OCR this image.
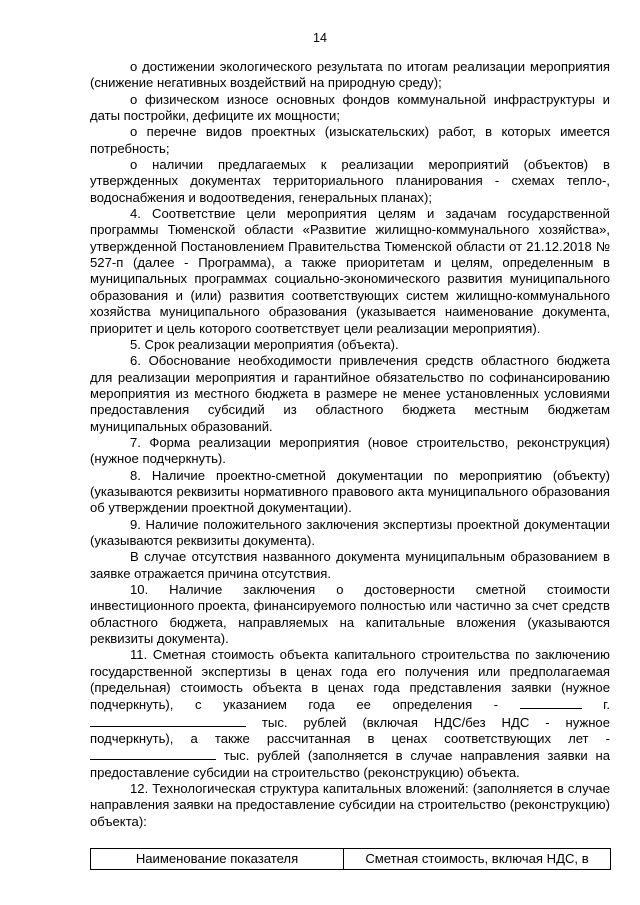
14

о достижении экологического результата по итогам реализации мероприятия (снижение негативных воздействий на природную среду);

о физическом износе основных фондов коммунальной инфраструктуры и даты постройки, дефиците их мощности;

о перечне видов проектных (изыскательских) работ, в которых имеется потребность;

о наличии предлагаемых к реализации мероприятий (объектов) в утвержденных документах территориального планирования - схемах тепло-, водоснабжения и водоотведения, генеральных планах);

4. Соответствие цели мероприятия целям и задачам государственной программы Тюменской области «Развитие жилищно-коммунального хозяйства», утвержденной Постановлением Правительства Тюменской области от 21.12.2018 № 527-п (далее - Программа), а также приоритетам и целям, определенным в муниципальных программах социально-экономического развития муниципального образования и (или) развития соответствующих систем жилищно-коммунального хозяйства муниципального образования (указывается наименование документа, приоритет и цель которого соответствует цели реализации мероприятия).

5. Срок реализации мероприятия (объекта).

6. Обоснование необходимости привлечения средств областного бюджета для реализации мероприятия и гарантийное обязательство по софинансированию мероприятия из местного бюджета в размере не менее установленных условиями предоставления субсидий из областного бюджета местным бюджетам муниципальных образований.

7. Форма реализации мероприятия (новое строительство, реконструкция) (нужное подчеркнуть).

8. Наличие проектно-сметной документации по мероприятию (объекту) (указываются реквизиты нормативного правового акта муниципального образования об утверждении проектной документации).

9. Наличие положительного заключения экспертизы проектной документации (указываются реквизиты документа).

В случае отсутствия названного документа муниципальным образованием в заявке отражается причина отсутствия.

10. Наличие заключения о достоверности сметной стоимости инвестиционного проекта, финансируемого полностью или частично за счет средств областного бюджета, направляемых на капитальные вложения (указываются реквизиты документа).

11. Сметная стоимость объекта капитального строительства по заключению государственной экспертизы в ценах года его получения или предполагаемая (предельная) стоимость объекта в ценах года представления заявки (нужное подчеркнуть), с указанием года ее определения -	г.  тыс. рублей (включая НДС/без НДС - нужное подчеркнуть), а также рассчитанная в ценах соответствующих лет -  тыс. рублей (заполняется в случае направления заявки на предоставление субсидии на строительство (реконструкцию) объекта.

12. Технологическая структура капитальных вложений: (заполняется в случае направления заявки на предоставление субсидии на строительство (реконструкцию) объекта):

Наименование показателя	Сметная стоимость, включая НДС, в
